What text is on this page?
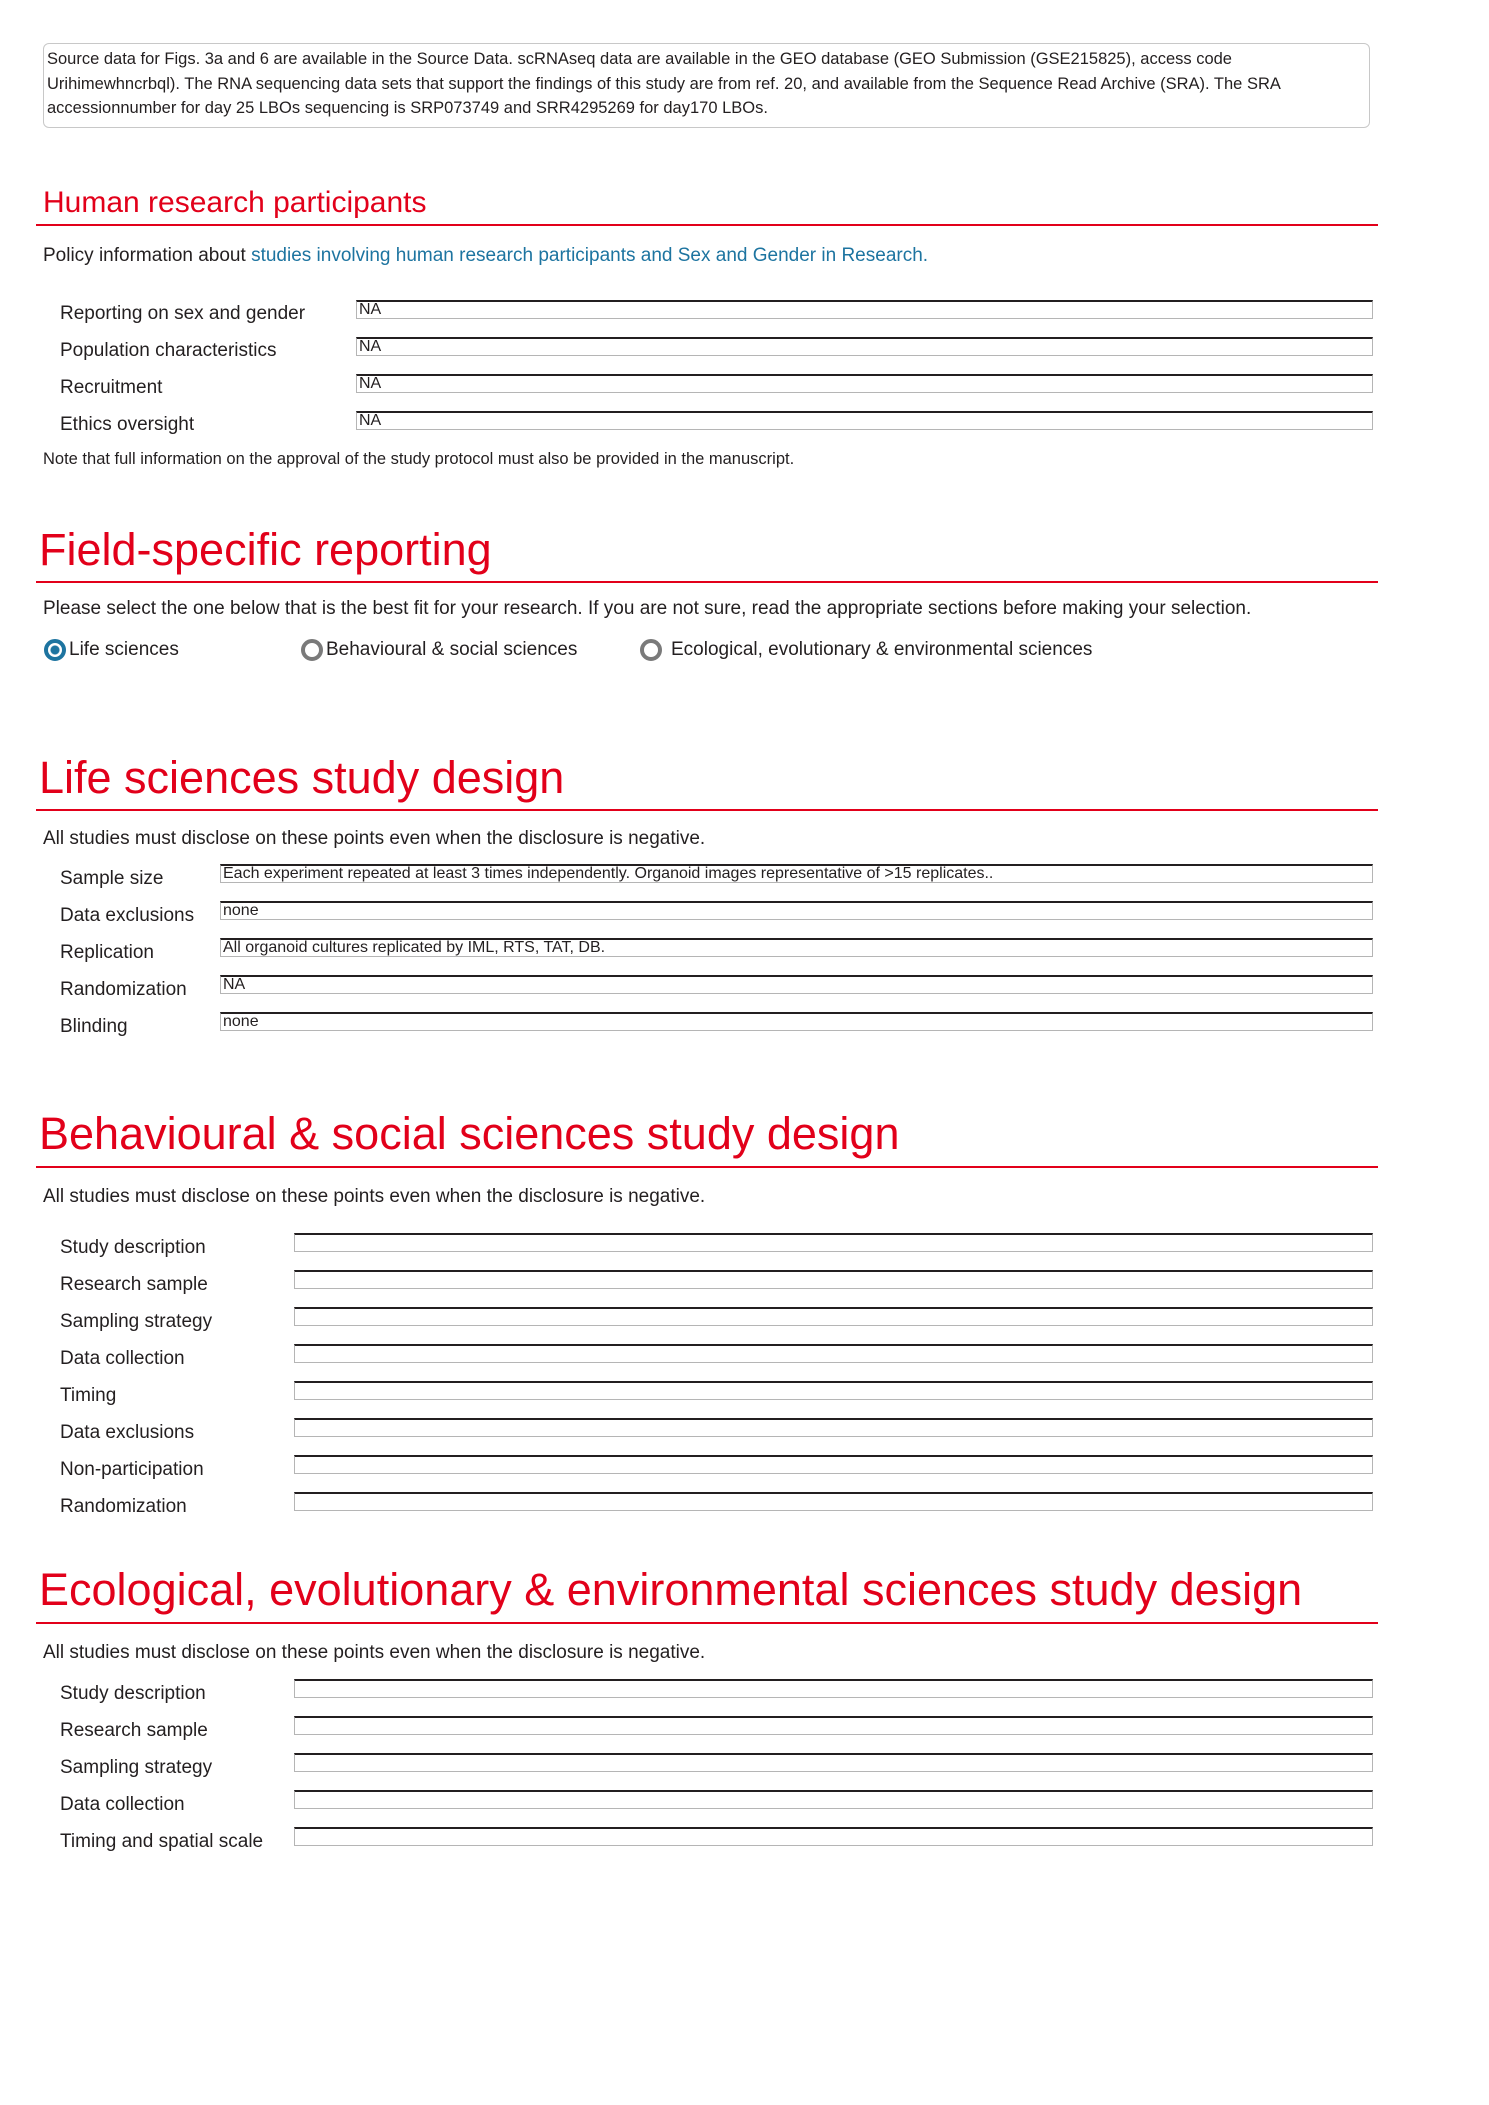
Source data for Figs. 3a and 6 are available in the Source Data. scRNAseq data are available in the GEO database (GEO Submission (GSE215825), access code Urihimewhncrbql). The RNA sequencing data sets that support the findings of this study are from ref. 20, and available from the Sequence Read Archive (SRA). The SRA accessionnumber for day 25 LBOs sequencing is SRP073749 and SRR4295269 for day170 LBOs.
Human research participants
Policy information about studies involving human research participants and Sex and Gender in Research.
Reporting on sex and gender	NA
Population characteristics	NA
Recruitment	NA
Ethics oversight	NA
Note that full information on the approval of the study protocol must also be provided in the manuscript.
Field-specific reporting
Please select the one below that is the best fit for your research. If you are not sure, read the appropriate sections before making your selection.
Life sciences	Behavioural & social sciences	Ecological, evolutionary & environmental sciences
Life sciences study design
All studies must disclose on these points even when the disclosure is negative.
Sample size	Each experiment repeated at least 3 times independently. Organoid images representative of >15 replicates..
Data exclusions none
Replication	All organoid cultures replicated by IML, RTS, TAT, DB.
Randomization NA
Blinding	none
Behavioural & social sciences study design
All studies must disclose on these points even when the disclosure is negative.
Study description
Research sample
Sampling strategy
Data collection
Timing
Data exclusions
Non-participation
Randomization
Ecological, evolutionary & environmental sciences study design
All studies must disclose on these points even when the disclosure is negative.
Study description
Research sample
Sampling strategy
Data collection
Timing and spatial scale
